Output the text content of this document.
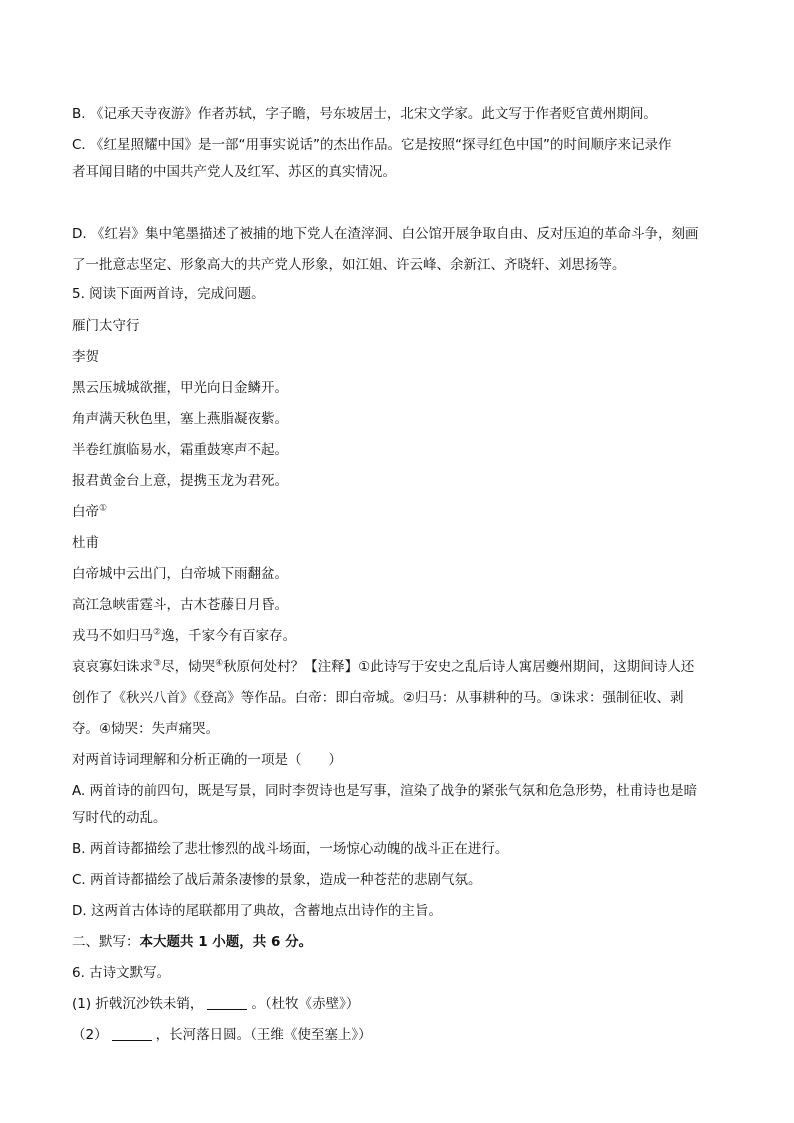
B. 《记承天寺夜游》作者苏轼，字子瞻，号东坡居士，北宋文学家。此文写于作者贬官黄州期间。
C. 《红星照耀中国》是一部“用事实说话”的杰出作品。它是按照“探寻红色中国”的时间顺序来记录作
者耳闻目睹的中国共产党人及红军、苏区的真实情况。
D. 《红岩》集中笔墨描述了被捕的地下党人在渣滓洞、白公馆开展争取自由、反对压迫的革命斗争，刻画
了一批意志坚定、形象高大的共产党人形象，如江姐、许云峰、余新江、齐晓轩、刘思扬等。
5. 阅读下面两首诗，完成问题。
雁门太守行
李贺
黑云压城城欲摧，甲光向日金鳞开。
角声满天秋色里，塞上燕脂凝夜紫。
半卷红旗临易水，霜重鼓寒声不起。
报君黄金台上意，提携玉龙为君死。
白帝①
杜甫
白帝城中云出门，白帝城下雨翻盆。
高江急峡雷霆斗，古木苍藤日月昏。
戎马不如归马②逸，千家今有百家存。
哀哀寡妇诛求③尽，恸哭④秋原何处村？【注释】①此诗写于安史之乱后诗人寓居夔州期间，这期间诗人还
创作了《秋兴八首》《登高》等作品。白帝：即白帝城。②归马：从事耕种的马。③诛求：强制征收、剥
夺。④恸哭：失声痛哭。
对两首诗词理解和分析正确的一项是（　　）
A. 两首诗的前四句，既是写景，同时李贺诗也是写事，渲染了战争的紧张气氛和危急形势，杜甫诗也是暗
写时代的动乱。
B. 两首诗都描绘了悲壮惨烈的战斗场面，一场惊心动魄的战斗正在进行。
C. 两首诗都描绘了战后萧条凄惨的景象，造成一种苍茫的悲剧气氛。
D. 这两首古体诗的尾联都用了典故，含蓄地点出诗作的主旨。
二、默写：本大题共 1 小题，共 6 分。
6. 古诗文默写。
(1) 折戟沉沙铁未销，	。（杜牧《赤壁》）
（2）	，长河落日圆。（王维《使至塞上》）
